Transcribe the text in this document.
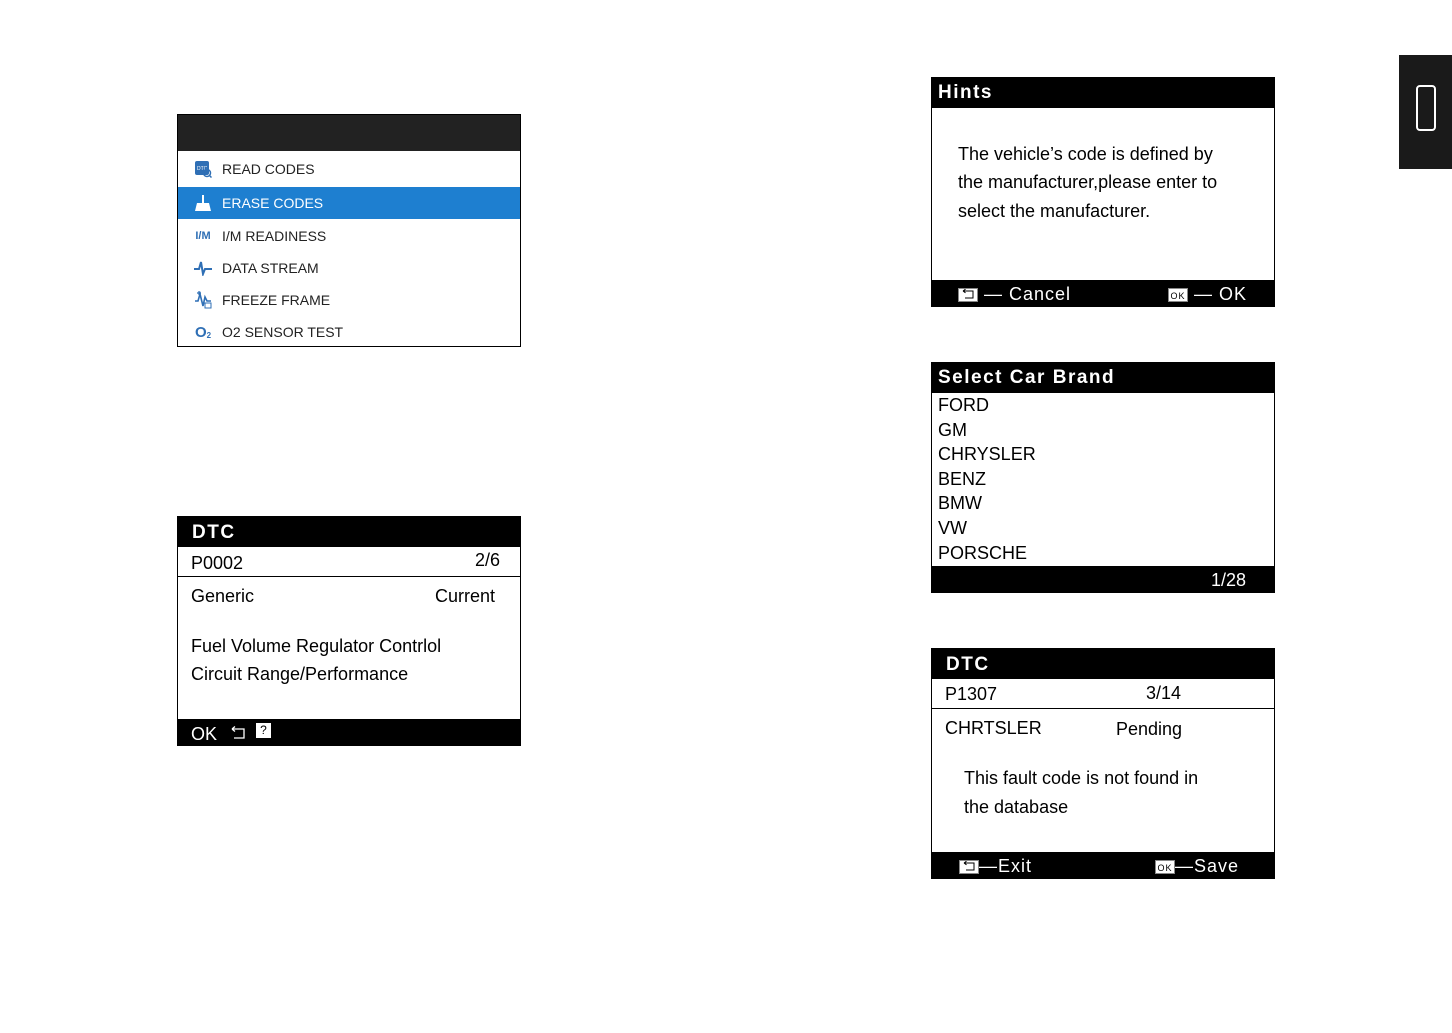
DTC READ CODES
ERASE CODES
I/M I/M READINESS
DATA STREAM
FREEZE FRAME
O 2 O2 SENSOR TEST
DTC
P0002	2/6
Generic	Current
Fuel Volume Regulator Contrlol
Circuit Range/Performance
OK	?
Hints
The vehicle’s code is defined by
the manufacturer,please enter to
select the manufacturer.
— Cancel	OK — OK
Select Car Brand
FORD
GM
CHRYSLER
BENZ
BMW
VW
PORSCHE
1/28
DTC
P1307	3/14
CHRTSLER	Pending
This fault code is not found in
the database
—Exit	OK —Save
